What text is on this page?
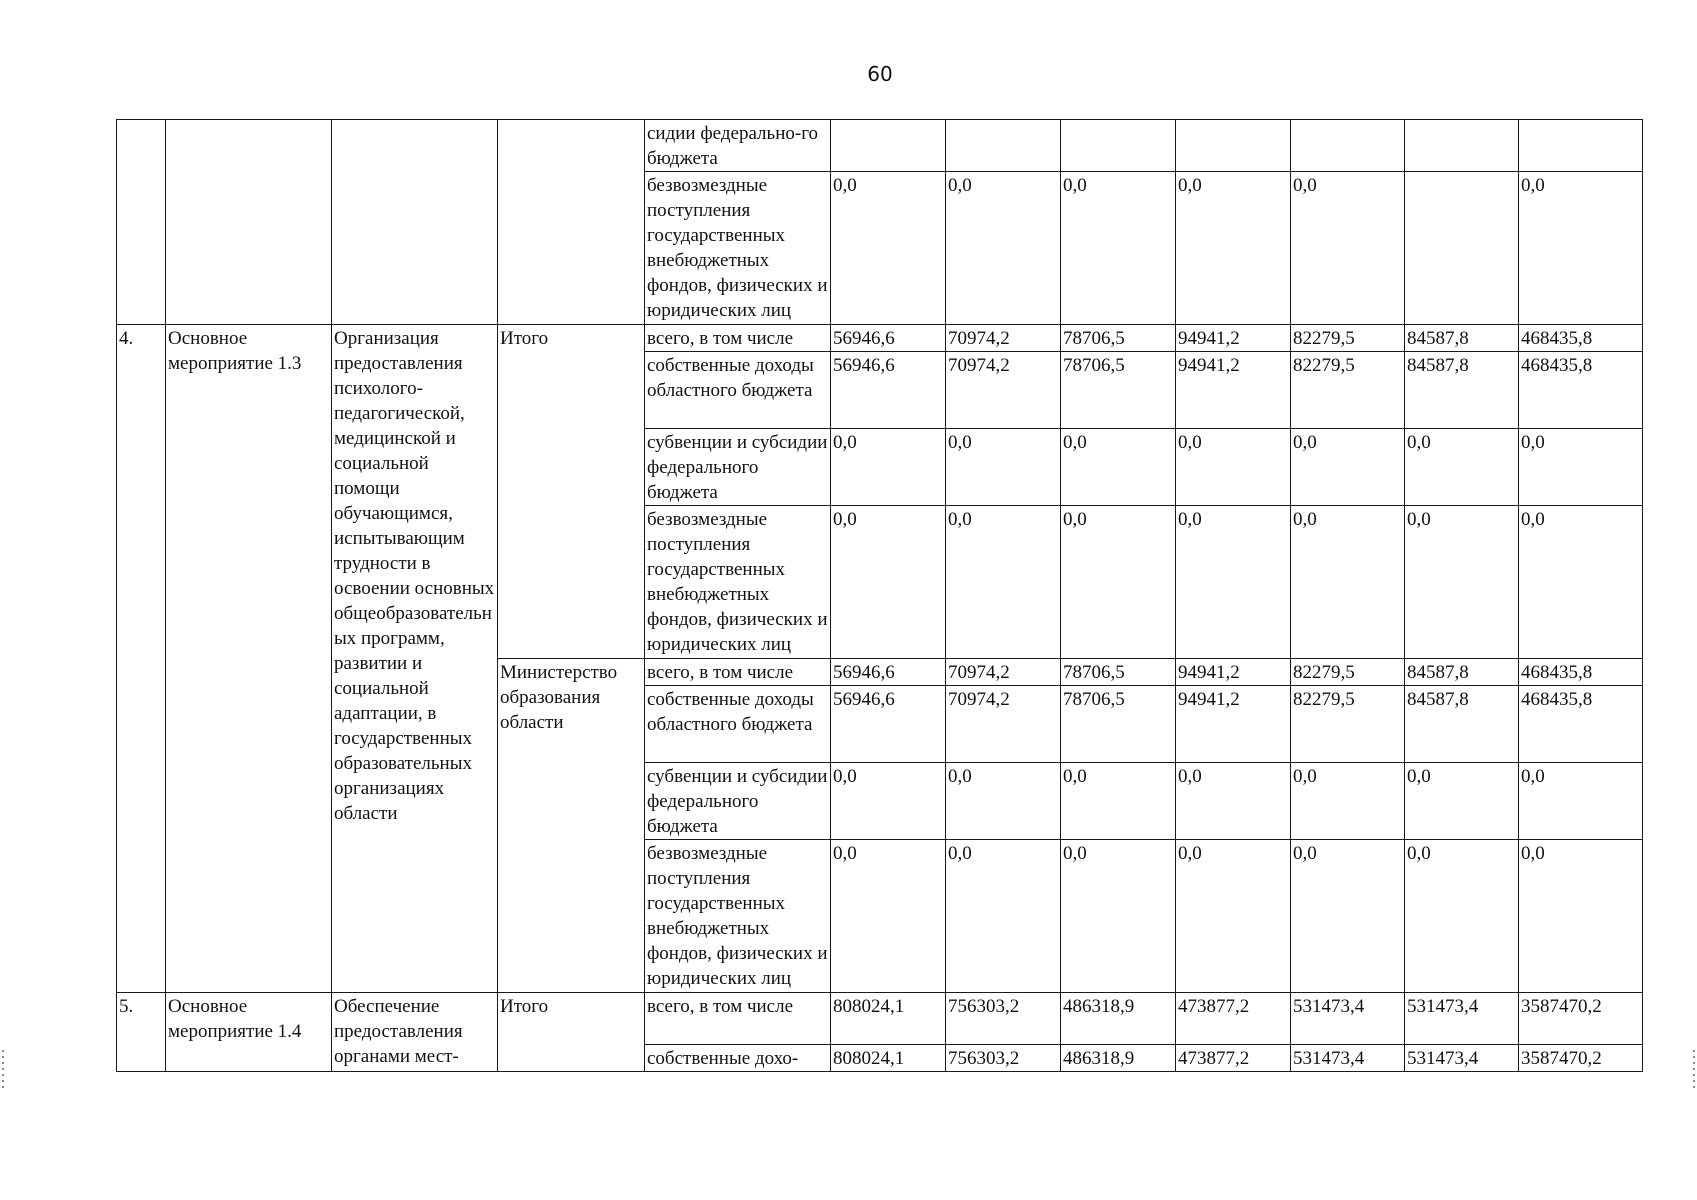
60
				сидии федерально-го бюджета							
				безвозмездные поступления государственных внебюджетных фондов, физических и юридических лиц	0,0	0,0	0,0	0,0	0,0		0,0
4.	Основное мероприятие 1.3	Организация предоставления психолого-педагогической, медицинской и социальной помощи обучающимся, испытывающим трудности в освоении основных общеобразовательных программ, развитии и социальной адаптации, в государственных образовательных организациях области	Итого	всего, в том числе	56946,6	70974,2	78706,5	94941,2	82279,5	84587,8	468435,8
				собственные доходы областного бюджета	56946,6	70974,2	78706,5	94941,2	82279,5	84587,8	468435,8
				субвенции и субсидии федерального бюджета	0,0	0,0	0,0	0,0	0,0	0,0	0,0
				безвозмездные поступления государственных внебюджетных фондов, физических и юридических лиц	0,0	0,0	0,0	0,0	0,0	0,0	0,0
			Министерство образования области	всего, в том числе	56946,6	70974,2	78706,5	94941,2	82279,5	84587,8	468435,8
				собственные доходы областного бюджета	56946,6	70974,2	78706,5	94941,2	82279,5	84587,8	468435,8
				субвенции и субсидии федерального бюджета	0,0	0,0	0,0	0,0	0,0	0,0	0,0
				безвозмездные поступления государственных внебюджетных фондов, физических и юридических лиц	0,0	0,0	0,0	0,0	0,0	0,0	0,0
5.	Основное мероприятие 1.4	Обеспечение предоставления органами мест-	Итого	всего, в том числе	808024,1	756303,2	486318,9	473877,2	531473,4	531473,4	3587470,2
				собственные дохо-	808024,1	756303,2	486318,9	473877,2	531473,4	531473,4	3587470,2
